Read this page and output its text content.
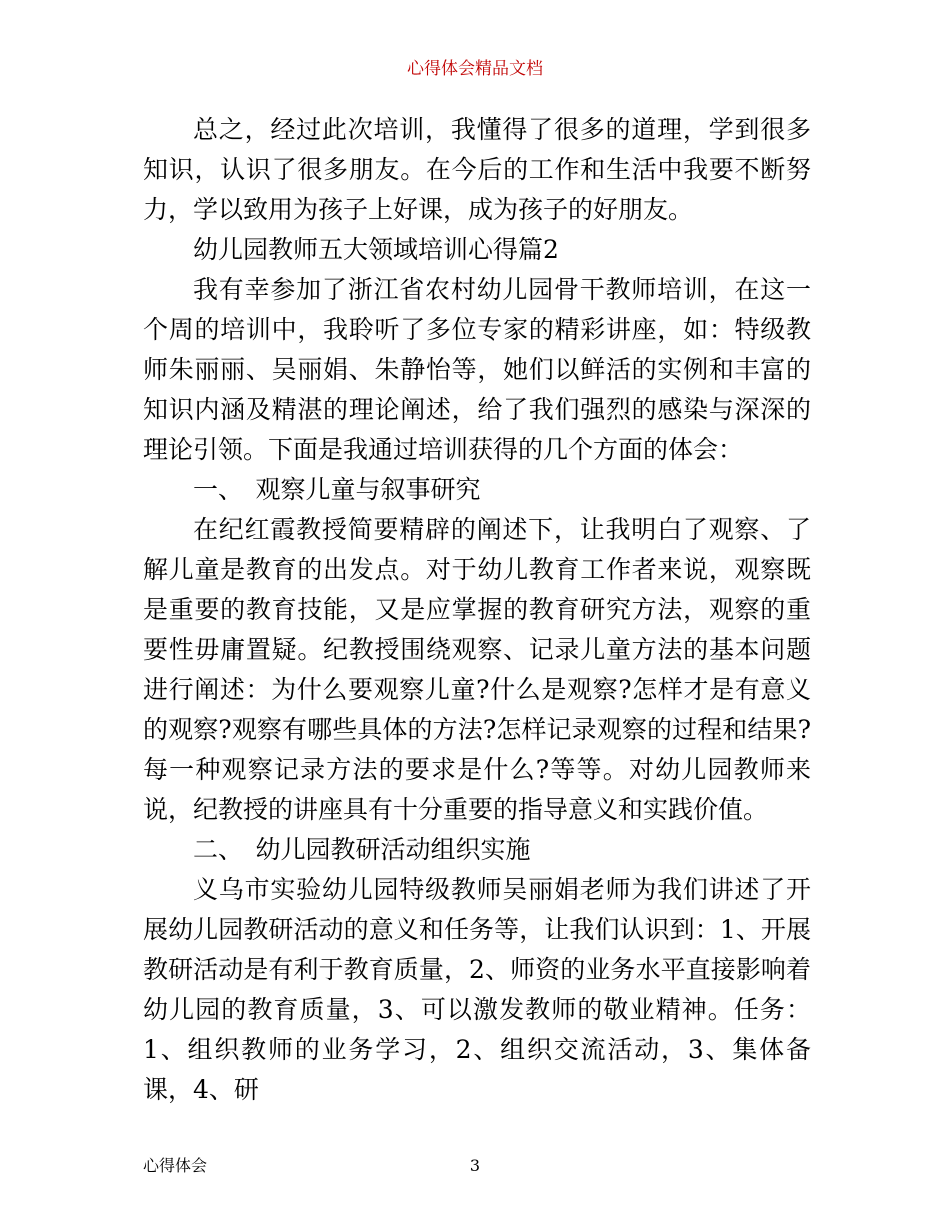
心得体会精品文档

总之，经过此次培训，我懂得了很多的道理，学到很多知识，认识了很多朋友。在今后的工作和生活中我要不断努力，学以致用为孩子上好课，成为孩子的好朋友。

幼儿园教师五大领域培训心得篇2

我有幸参加了浙江省农村幼儿园骨干教师培训，在这一个周的培训中，我聆听了多位专家的精彩讲座，如：特级教师朱丽丽、吴丽娟、朱静怡等，她们以鲜活的实例和丰富的知识内涵及精湛的理论阐述，给了我们强烈的感染与深深的理论引领。下面是我通过培训获得的几个方面的体会：

一、　观察儿童与叙事研究

在纪红霞教授简要精辟的阐述下，让我明白了观察、了解儿童是教育的出发点。对于幼儿教育工作者来说，观察既是重要的教育技能，又是应掌握的教育研究方法，观察的重要性毋庸置疑。纪教授围绕观察、记录儿童方法的基本问题进行阐述：为什么要观察儿童?什么是观察?怎样才是有意义的观察?观察有哪些具体的方法?怎样记录观察的过程和结果?每一种观察记录方法的要求是什么?等等。对幼儿园教师来说，纪教授的讲座具有十分重要的指导意义和实践价值。

二、　幼儿园教研活动组织实施

义乌市实验幼儿园特级教师吴丽娟老师为我们讲述了开展幼儿园教研活动的意义和任务等，让我们认识到：1、开展教研活动是有利于教育质量，2、师资的业务水平直接影响着幼儿园的教育质量，3、可以激发教师的敬业精神。任务：1、组织教师的业务学习，2、组织交流活动，3、集体备课，4、研

心得体会	3
